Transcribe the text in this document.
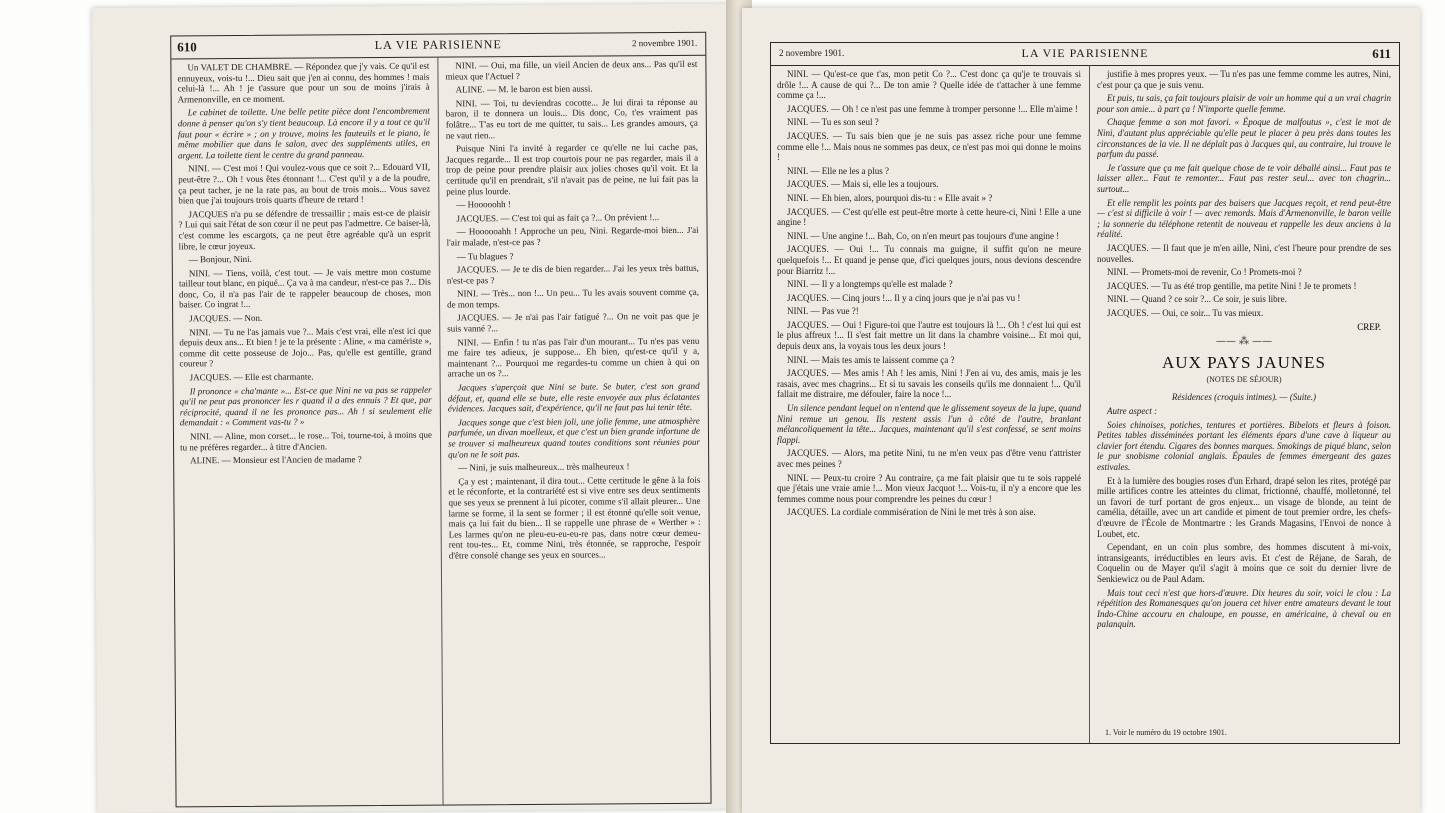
610	LA VIE PARISIENNE	2 novembre 1901.

Un VALET DE CHAMBRE. — Répondez que j'y vais. Ce qu'il est ennuyeux, vois-tu !... Dieu sait que j'en ai connu, des hommes ! mais celui-là !... Ah ! je t'assure que pour un sou de moins j'irais à Armenonville, en ce moment.

Le cabinet de toilette. Une belle petite pièce dont l'encombrement donne à penser qu'on s'y tient beaucoup. Là encore il y a tout ce qu'il faut pour « écrire » ; on y trouve, moins les fauteuils et le piano, le même mobilier que dans le salon, avec des suppléments utiles, en argent. La toilette tient le centre du grand panneau.

NINI. — C'est moi ! Qui voulez-vous que ce soit ?... Edouard VII, peut-être ?... Oh ! vous êtes étonnant !... C'est qu'il y a de la poudre, ça peut tacher, je ne la rate pas, au bout de trois mois... Vous savez bien que j'ai toujours trois quarts d'heure de retard !

JACQUES n'a pu se défendre de tressaillir ; mais est-ce de plaisir ? Lui qui sait l'état de son cœur il ne peut pas l'admettre. Ce baiser-là, c'est comme les escargots, ça ne peut être agréable qu'à un esprit libre, le cœur joyeux.

— Bonjour, Nini.

NINI. — Tiens, voilà, c'est tout. — Je vais mettre mon costume tailleur tout blanc, en piqué... Ça va à ma candeur, n'est-ce pas ?... Dis donc, Co, il n'a pas l'air de te rappeler beaucoup de choses, mon baiser. Co ingrat !...

JACQUES. — Non.

NINI. — Tu ne l'as jamais vue ?... Mais c'est vrai, elle n'est ici que depuis deux ans... Et bien ! je te la présente : Aline, « ma camériste », comme dit cette posseuse de Jojo... Pas, qu'elle est gentille, grand coureur ?

JACQUES. — Elle est charmante.

Il prononce « cha'mante »... Est-ce que Nini ne va pas se rappeler qu'il ne peut pas prononcer les r quand il a des ennuis ? Et que, par réciprocité, quand il ne les prononce pas... Ah ! si seulement elle demandait : « Comment vas-tu ? »

NINI. — Aline, mon corset... le rose... Toi, tourne-toi, à moins que tu ne préfères regarder... à titre d'Ancien.

ALINE. — Monsieur est l'Ancien de madame ?

NINI. — Oui, ma fille, un vieil Ancien de deux ans... Pas qu'il est mieux que l'Actuel ?

ALINE. — M. le baron est bien aussi.

NINI. — Toi, tu deviendras cocotte... Je lui dirai ta réponse au baron, il te donnera un louis... Dis donc, Co, t'es vraiment pas folâtre... T'as eu tort de me quitter, tu sais... Les grandes amours, ça ne vaut rien...

Puisque Nini l'a invité à regarder ce qu'elle ne lui cache pas, Jacques regarde... Il est trop courtois pour ne pas regarder, mais il a trop de peine pour prendre plaisir aux jolies choses qu'il voit. Et la certitude qu'il en prendrait, s'il n'avait pas de peine, ne lui fait pas la peine plus lourde.

— Hooooohh !

JACQUES. — C'est toi qui as fait ça ?... On prévient !...

— Hoooooahh ! Approche un peu, Nini. Regarde-moi bien... J'ai l'air malade, n'est-ce pas ?

— Tu blagues ?

JACQUES. — Je te dis de bien regarder... J'ai les yeux très battus, n'est-ce pas ?

NINI. — Très... non !... Un peu... Tu les avais souvent comme ça, de mon temps.

JACQUES. — Je n'ai pas l'air fatigué ?... On ne voit pas que je suis vanné ?...

NINI. — Enfin ! tu n'as pas l'air d'un mourant... Tu n'es pas venu me faire tes adieux, je suppose... Eh bien, qu'est-ce qu'il y a, maintenant ?... Pourquoi me regardes-tu comme un chien à qui on arrache un os ?...

Jacques s'aperçoit que Nini se bute. Se buter, c'est son grand défaut, et, quand elle se bute, elle reste envoyée aux plus éclatantes évidences. Jacques sait, d'expérience, qu'il ne faut pas lui tenir tête.

Jacques songe que c'est bien joli, une jolie femme, une atmosphère parfumée, un divan moelleux, et que c'est un bien grande infortune de se trouver si malheureux quand toutes conditions sont réunies pour qu'on ne le soit pas.

— Nini, je suis malheureux... très malheureux !

Ça y est ; maintenant, il dira tout... Cette certitude le gêne à la fois et le réconforte, et la contrariété est si vive entre ses deux sentiments que ses yeux se prennent à lui picoter, comme s'il allait pleurer... Une larme se forme, il la sent se former ; il est étonné qu'elle soit venue, mais ça lui fait du bien... Il se rappelle une phrase de « Werther » : Les larmes qu'on ne pleu-eu-eu-eu-re pas, dans notre cœur demeu-rent tou-tes... Et, comme Nini, très étonnée, se rapproche, l'espoir d'être consolé change ses yeux en sources...

2 novembre 1901.	LA VIE PARISIENNE	611

NINI. — Qu'est-ce que t'as, mon petit Co ?... C'est donc ça qu'je te trouvais si drôle !... A cause de qui ?... De ton amie ? Quelle idée de t'attacher à une femme comme ça !...

JACQUES. — Oh ! ce n'est pas une femme à tromper personne !... Elle m'aime !

NINI. — Tu es son seul ?

JACQUES. — Tu sais bien que je ne suis pas assez riche pour une femme comme elle !... Mais nous ne sommes pas deux, ce n'est pas moi qui donne le moins !

NINI. — Elle ne les a plus ?

JACQUES. — Mais si, elle les a toujours.

NINI. — Eh bien, alors, pourquoi dis-tu : « Elle avait » ?

JACQUES. — C'est qu'elle est peut-être morte à cette heure-ci, Nini ! Elle a une angine !

NINI. — Une angine !... Bah, Co, on n'en meurt pas toujours d'une angine !

JACQUES. — Oui !... Tu connais ma guigne, il suffit qu'on ne meure quelquefois !... Et quand je pense que, d'ici quelques jours, nous devions descendre pour Biarritz !...

NINI. — Il y a longtemps qu'elle est malade ?

JACQUES. — Cinq jours !... Il y a cinq jours que je n'ai pas vu !

NINI. — Pas vue ?!

JACQUES. — Oui ! Figure-toi que l'autre est toujours là !... Oh ! c'est lui qui est le plus affreux !... Il s'est fait mettre un lit dans la chambre voisine... Et moi qui, depuis deux ans, la voyais tous les deux jours !

NINI. — Mais tes amis te laissent comme ça ?

JACQUES. — Mes amis ! Ah ! les amis, Nini ! J'en ai vu, des amis, mais je les rasais, avec mes chagrins... Et si tu savais les conseils qu'ils me donnaient !... Qu'il fallait me distraire, me défouler, faire la noce !...

Un silence pendant lequel on n'entend que le glissement soyeux de la jupe, quand Nini remue un genou. Ils restent assis l'un à côté de l'autre, branlant mélancoliquement la tête... Jacques, maintenant qu'il s'est confessé, se sent moins flappi.

JACQUES. — Alors, ma petite Nini, tu ne m'en veux pas d'être venu t'attrister avec mes peines ?

NINI. — Peux-tu croire ? Au contraire, ça me fait plaisir que tu te sois rappelé que j'étais une vraie amie !... Mon vieux Jacquot !... Vois-tu, il n'y a encore que les femmes comme nous pour comprendre les peines du cœur !

JACQUES. La cordiale commisération de Nini le met très à son aise.

justifie à mes propres yeux. — Tu n'es pas une femme comme les autres, Nini, c'est pour ça que je suis venu.

Et puis, tu sais, ça fait toujours plaisir de voir un homme qui a un vrai chagrin pour son amie... à part ça ! N'importe quelle femme.

Chaque femme a son mot favori. « Époque de malfoutus », c'est le mot de Nini, d'autant plus appréciable qu'elle peut le placer à peu près dans toutes les circonstances de la vie. Il ne déplaît pas à Jacques qui, au contraire, lui trouve le parfum du passé.

Je t'assure que ça me fait quelque chose de te voir déballé ainsi... Faut pas te laisser aller... Faut te remonter... Faut pas rester seul... avec ton chagrin... surtout...

Et elle remplit les points par des baisers que Jacques reçoit, et rend peut-être — c'est si difficile à voir ! — avec remords. Mais d'Armenonville, le baron veille ; la sonnerie du téléphone retentit de nouveau et rappelle les deux anciens à la réalité.

JACQUES. — Il faut que je m'en aille, Nini, c'est l'heure pour prendre de ses nouvelles.

NINI. — Promets-moi de revenir, Co ! Promets-moi ?

JACQUES. — Tu as été trop gentille, ma petite Nini ! Je te promets !

NINI. — Quand ? ce soir ?... Ce soir, je suis libre.

JACQUES. — Oui, ce soir... Tu vas mieux.

CREP.
—— ⁂ ——
AUX PAYS JAUNES
(NOTES DE SÉJOUR)

Résidences (croquis intimes). — (Suite.)

Autre aspect :

Soies chinoises, potiches, tentures et portières. Bibelots et fleurs à foison. Petites tables disséminées portant les éléments épars d'une cave à liqueur au clavier fort étendu. Cigares des bonnes marques. Smokings de piqué blanc, selon le pur snobisme colonial anglais. Épaules de femmes émergeant des gazes estivales.

Et à la lumière des bougies roses d'un Erhard, drapé selon les rites, protégé par mille artifices contre les atteintes du climat, frictionné, chauffé, molletonné, tel un favori de turf portant de gros enjeux... un visage de blonde, au teint de camélia, détaille, avec un art candide et piment de tout premier ordre, les chefs-d'œuvre de l'École de Montmartre : les Grands Magasins, l'Envoi de nonce à Loubet, etc.

Cependant, en un coin plus sombre, des hommes discutent à mi-voix, intransigeants, irréductibles en leurs avis. Et c'est de Réjane, de Sarah, de Coquelin ou de Mayer qu'il s'agit à moins que ce soit du dernier livre de Senkiewicz ou de Paul Adam.

Mais tout ceci n'est que hors-d'œuvre. Dix heures du soir, voici le clou : La répétition des Romanesques qu'on jouera cet hiver entre amateurs devant le tout Indo-Chine accouru en chaloupe, en pousse, en américaine, à cheval ou en palanquin.

1. Voir le numéro du 19 octobre 1901.
